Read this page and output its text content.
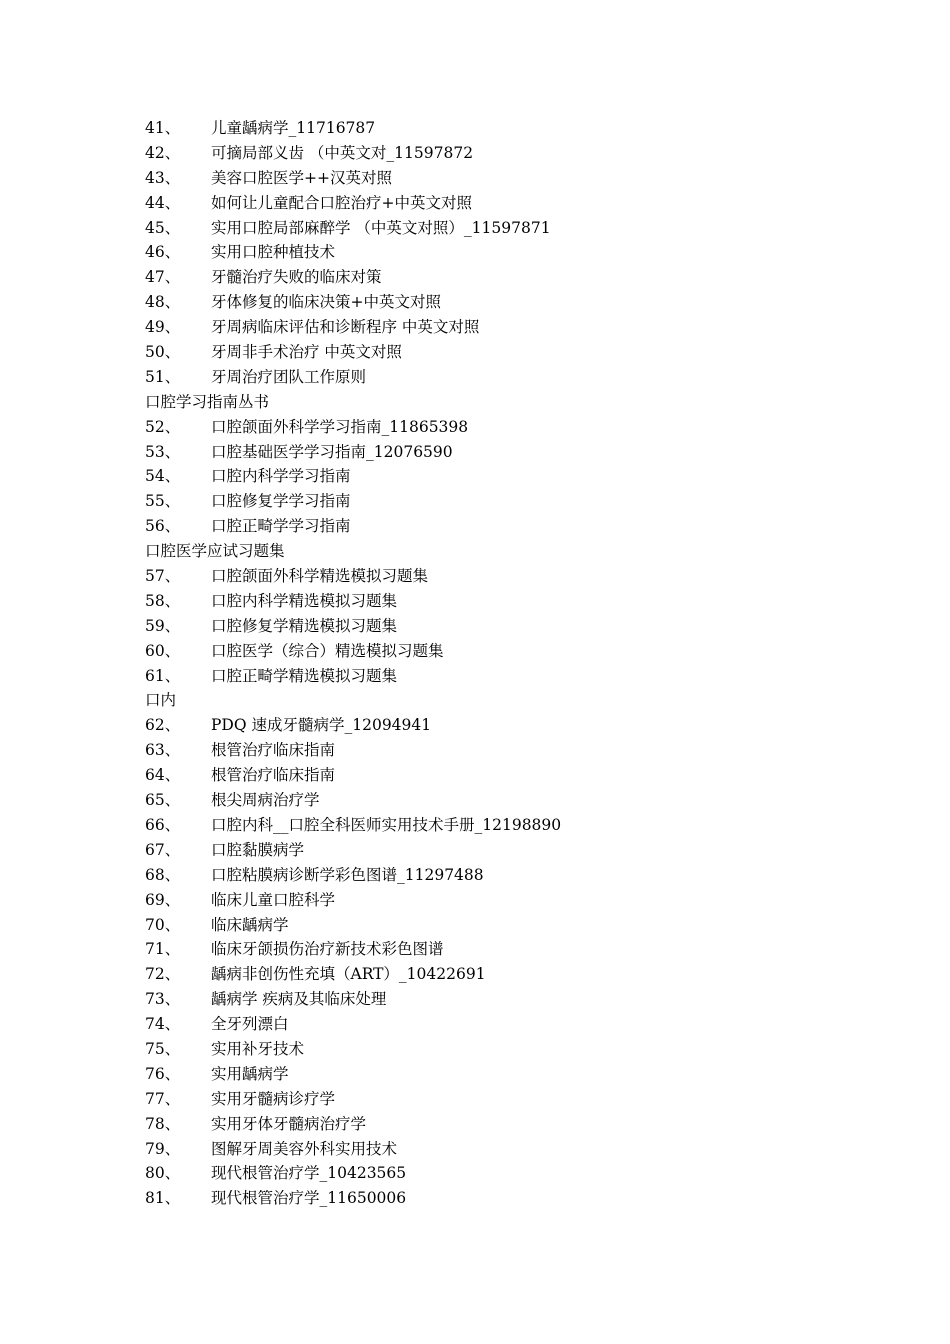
41、 儿童龋病学_11716787
42、 可摘局部义齿 （中英文对_11597872
43、 美容口腔医学++汉英对照
44、 如何让儿童配合口腔治疗+中英文对照
45、 实用口腔局部麻醉学 （中英文对照）_11597871
46、 实用口腔种植技术
47、 牙髓治疗失败的临床对策
48、 牙体修复的临床决策+中英文对照
49、 牙周病临床评估和诊断程序 中英文对照
50、 牙周非手术治疗 中英文对照
51、 牙周治疗团队工作原则
口腔学习指南丛书
52、 口腔颌面外科学学习指南_11865398
53、 口腔基础医学学习指南_12076590
54、 口腔内科学学习指南
55、 口腔修复学学习指南
56、 口腔正畸学学习指南
口腔医学应试习题集
57、 口腔颌面外科学精选模拟习题集
58、 口腔内科学精选模拟习题集
59、 口腔修复学精选模拟习题集
60、 口腔医学（综合）精选模拟习题集
61、 口腔正畸学精选模拟习题集
口内
62、 PDQ 速成牙髓病学_12094941
63、 根管治疗临床指南
64、 根管治疗临床指南
65、 根尖周病治疗学
66、 口腔内科__口腔全科医师实用技术手册_12198890
67、 口腔黏膜病学
68、 口腔粘膜病诊断学彩色图谱_11297488
69、 临床儿童口腔科学
70、 临床龋病学
71、 临床牙颌损伤治疗新技术彩色图谱
72、 龋病非创伤性充填（ART）_10422691
73、 龋病学 疾病及其临床处理
74、 全牙列漂白
75、 实用补牙技术
76、 实用龋病学
77、 实用牙髓病诊疗学
78、 实用牙体牙髓病治疗学
79、 图解牙周美容外科实用技术
80、 现代根管治疗学_10423565
81、 现代根管治疗学_11650006
